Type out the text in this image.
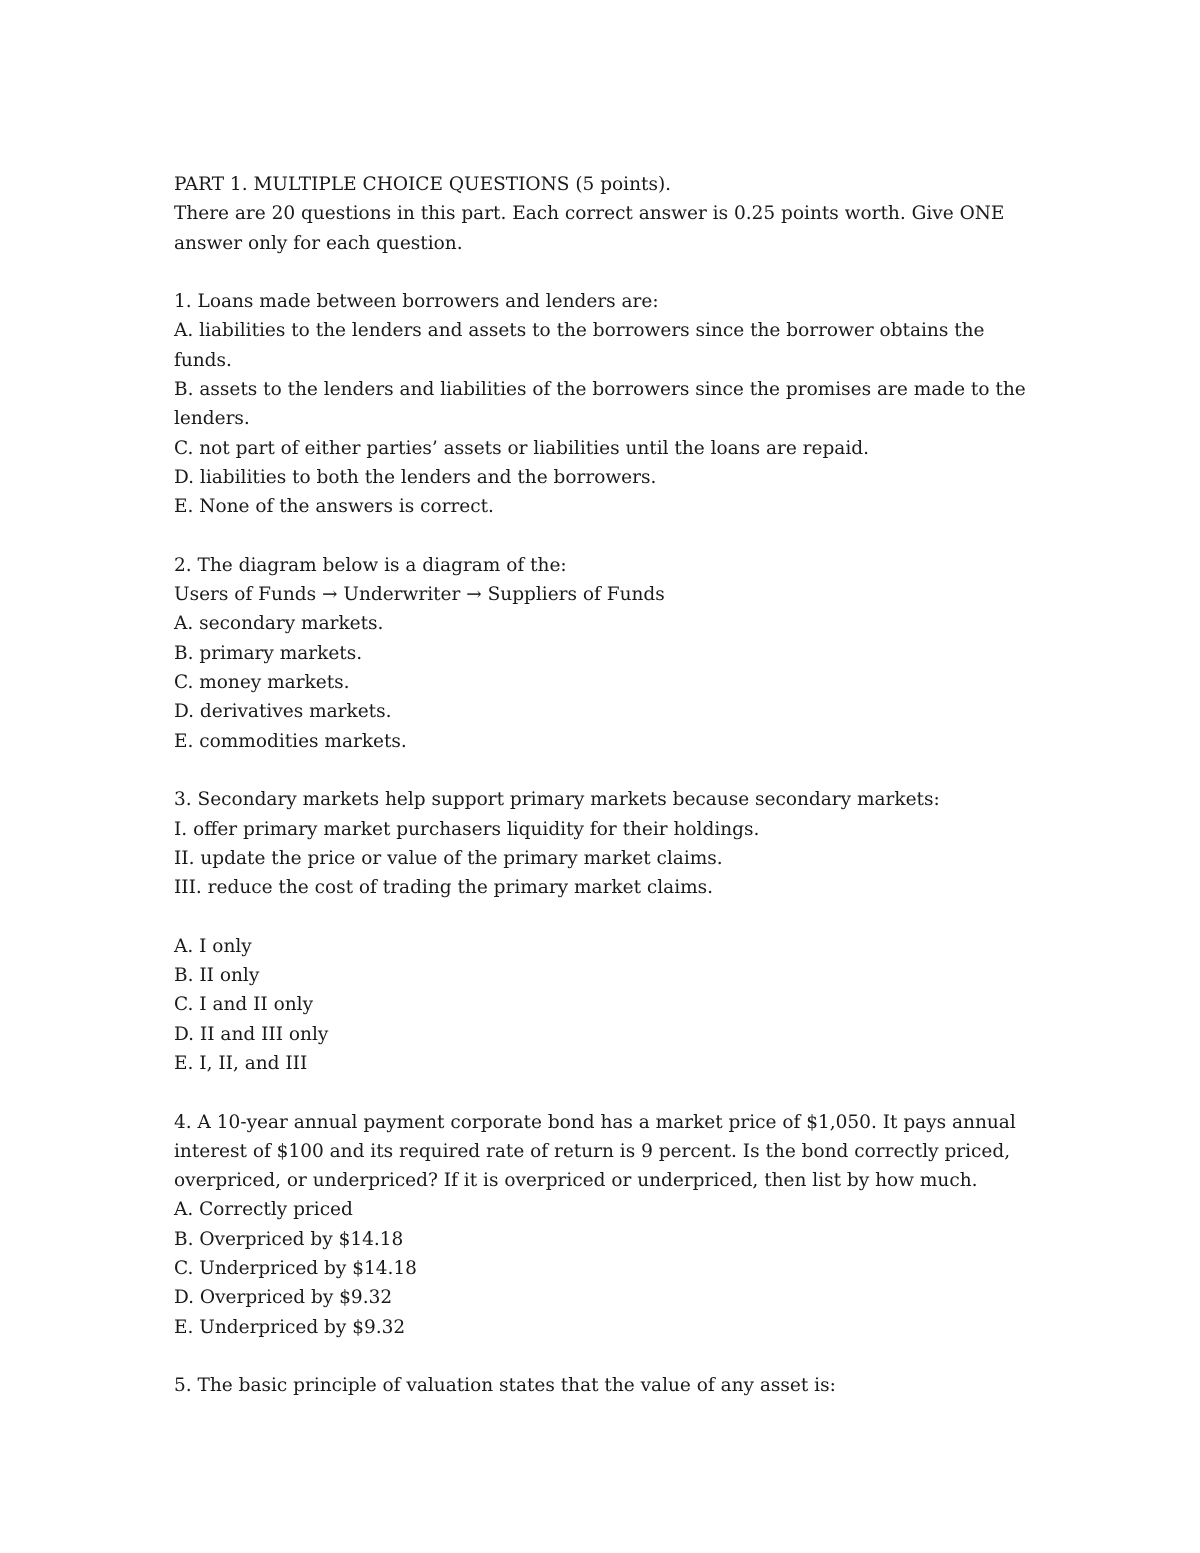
PART 1. MULTIPLE CHOICE QUESTIONS (5 points).
There are 20 questions in this part. Each correct answer is 0.25 points worth. Give ONE
answer only for each question.
1. Loans made between borrowers and lenders are:
A. liabilities to the lenders and assets to the borrowers since the borrower obtains the
funds.
B. assets to the lenders and liabilities of the borrowers since the promises are made to the
lenders.
C. not part of either parties’ assets or liabilities until the loans are repaid.
D. liabilities to both the lenders and the borrowers.
E. None of the answers is correct.
2. The diagram below is a diagram of the:
Users of Funds → Underwriter → Suppliers of Funds
A. secondary markets.
B. primary markets.
C. money markets.
D. derivatives markets.
E. commodities markets.
3. Secondary markets help support primary markets because secondary markets:
I. offer primary market purchasers liquidity for their holdings.
II. update the price or value of the primary market claims.
III. reduce the cost of trading the primary market claims.
A. I only
B. II only
C. I and II only
D. II and III only
E. I, II, and III
4. A 10-year annual payment corporate bond has a market price of $1,050. It pays annual
interest of $100 and its required rate of return is 9 percent. Is the bond correctly priced,
overpriced, or underpriced? If it is overpriced or underpriced, then list by how much.
A. Correctly priced
B. Overpriced by $14.18
C. Underpriced by $14.18
D. Overpriced by $9.32
E. Underpriced by $9.32
5. The basic principle of valuation states that the value of any asset is:
